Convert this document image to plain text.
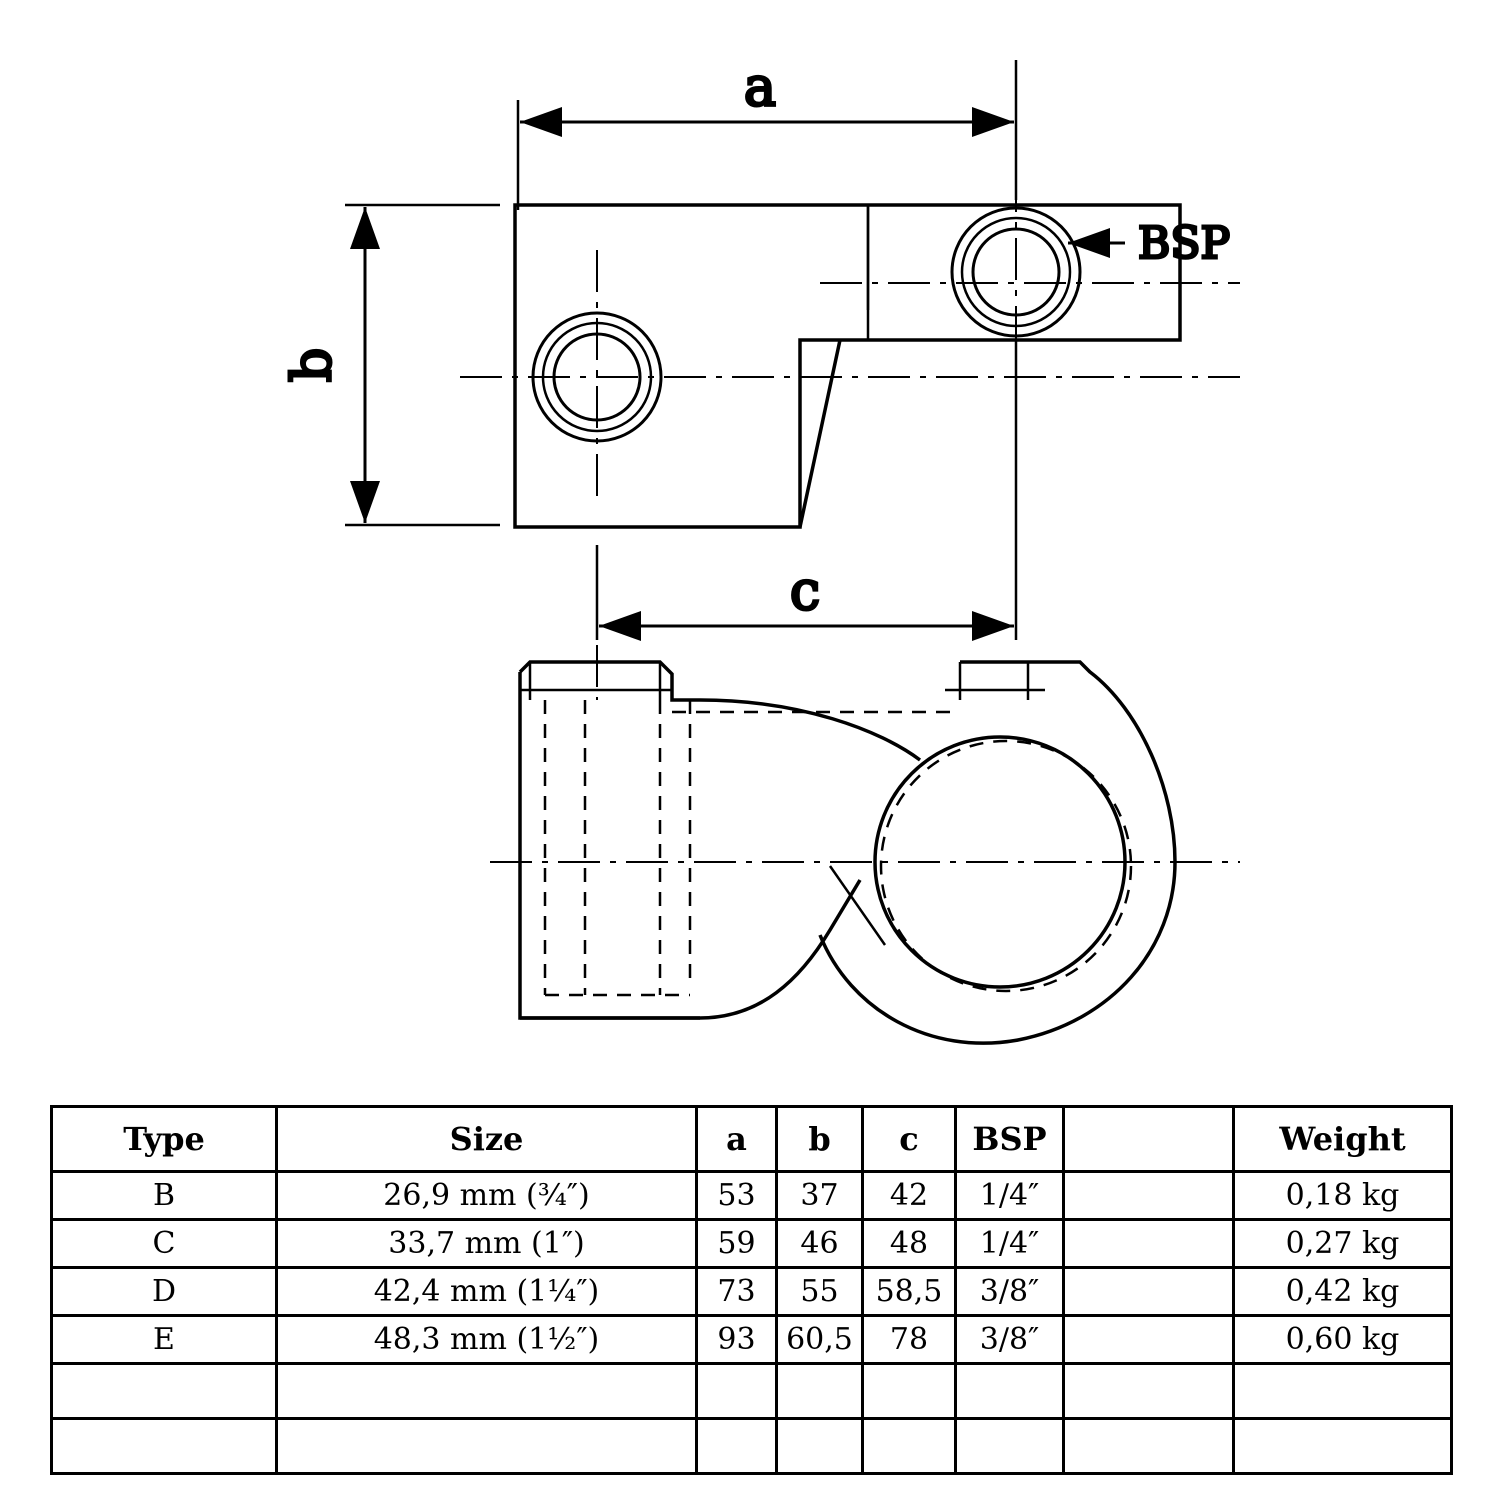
a
b
c
BSP
Type	Size	a	b	c	BSP		Weight
B	26,9 mm (¾″)	53	37	42	1/4″		0,18 kg
C	33,7 mm (1″)	59	46	48	1/4″		0,27 kg
D	42,4 mm (1¼″)	73	55	58,5	3/8″		0,42 kg
E	48,3 mm (1½″)	93	60,5	78	3/8″		0,60 kg
